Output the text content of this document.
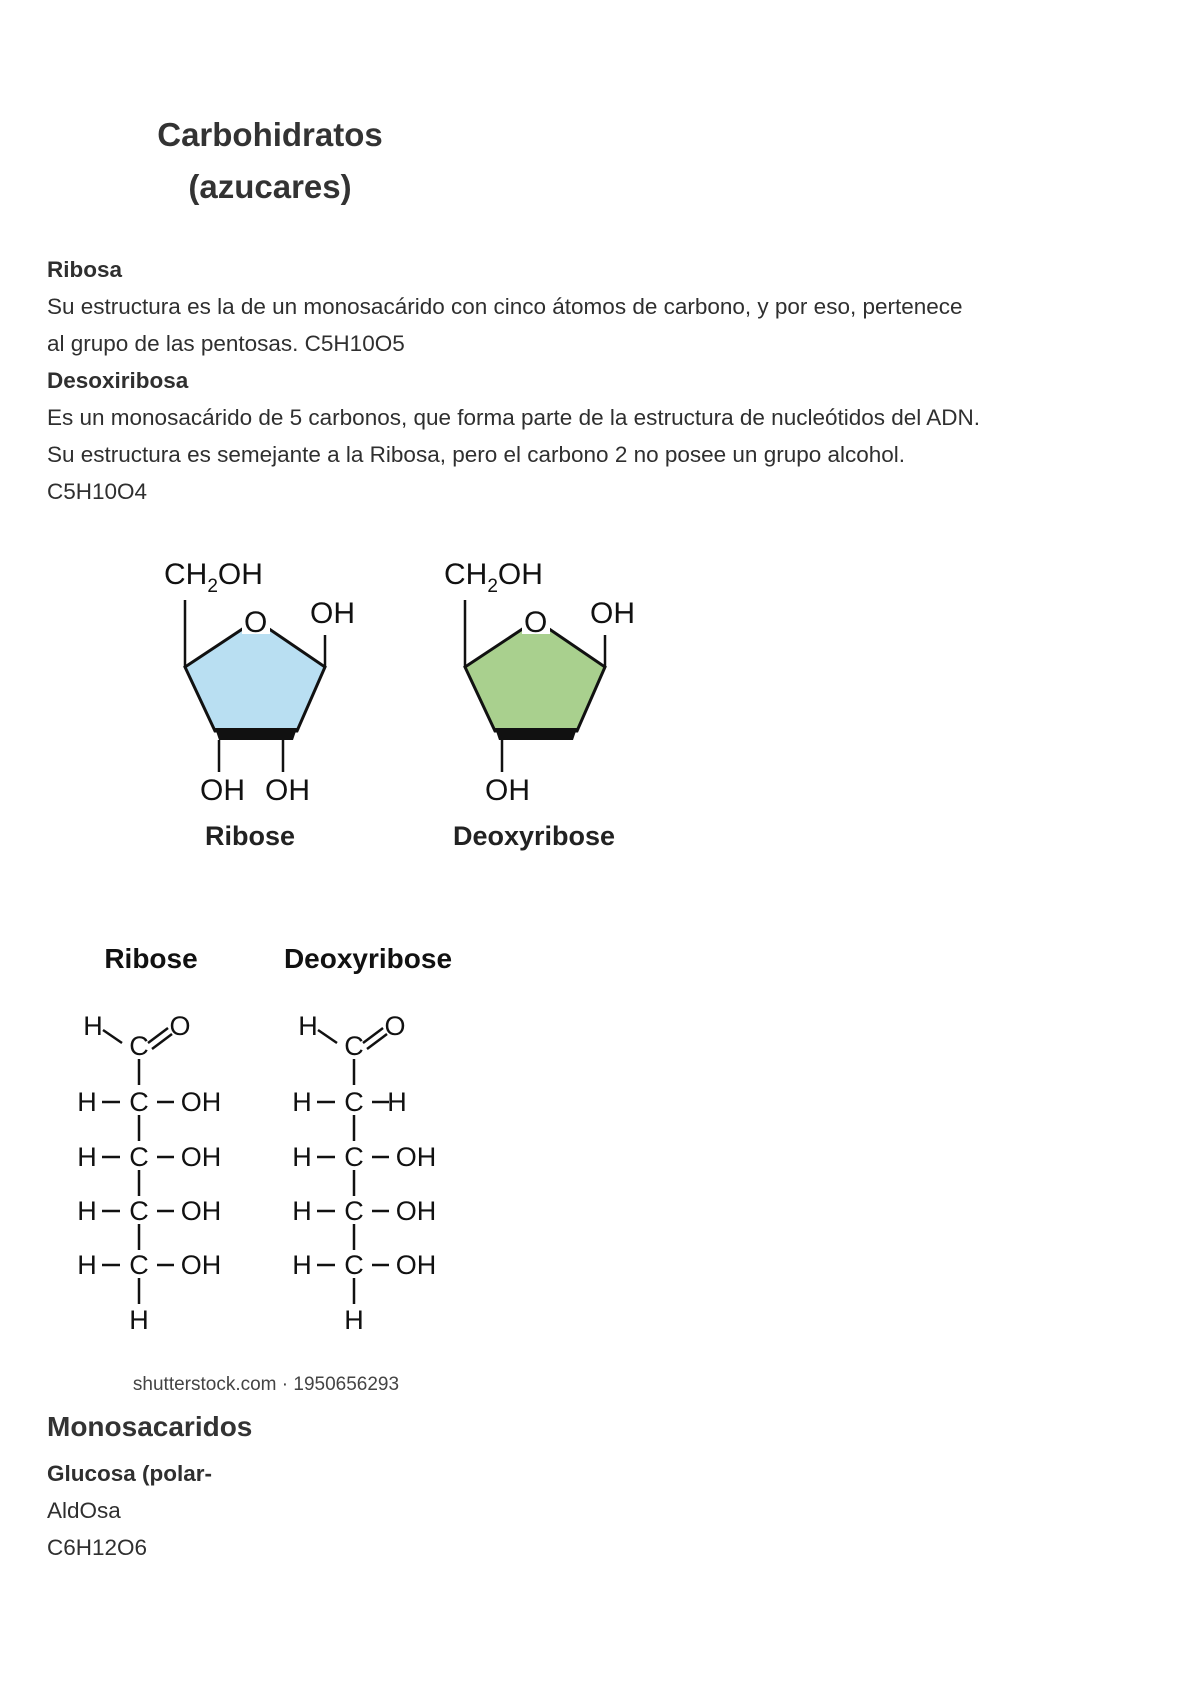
Carbohidratos
(azucares)

Ribosa

Su estructura es la de un monosacárido con cinco átomos de carbono, y por eso, pertenece

al grupo de las pentosas. C5H10O5

Desoxiribosa

Es un monosacárido de 5 carbonos, que forma parte de la estructura de nucleótidos del ADN.

Su estructura es semejante a la Ribosa, pero el carbono 2 no posee un grupo alcohol.

C5H10O4

$CH_2OH$
O OH
OH OH
Ribose
$CH_2OH$
O OH
OH
Deoxyribose
Ribose	Deoxyribose
H
C
O
H C OH
H C OH
H C OH
H C OH
H
H
C
O
H C H
H C OH
H C OH
H C OH
H
shutterstock.com · 1950656293
Monosacaridos
Glucosa (polar-
AldOsa
C6H12O6
